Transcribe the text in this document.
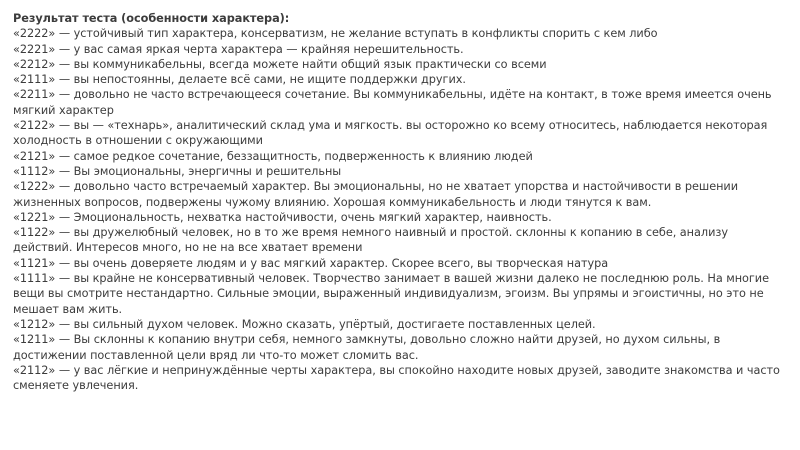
Результат теста (особенности характера):
«2222» — устойчивый тип характера, консерватизм, не желание вступать в конфликты спорить с кем либо
«2221» — у вас самая яркая черта характера — крайняя нерешительность.
«2212» — вы коммуникабельны, всегда можете найти общий язык практически со всеми
«2111» — вы непостоянны, делаете всё сами, не ищите поддержки других.
«2211» — довольно не часто встречающееся сочетание. Вы коммуникабельны, идёте на контакт, в тоже время имеется очень мягкий характер
«2122» — вы — «технарь», аналитический склад ума и мягкость. вы осторожно ко всему относитесь, наблюдается некоторая холодность в отношении с окружающими
«2121» — самое редкое сочетание, беззащитность, подверженность к влиянию людей
«1112» — Вы эмоциональны, энергичны и решительны
«1222» — довольно часто встречаемый характер. Вы эмоциональны, но не хватает упорства и настойчивости в решении жизненных вопросов, подвержены чужому влиянию. Хорошая коммуникабельность и люди тянутся к вам.
«1221» — Эмоциональность, нехватка настойчивости, очень мягкий характер, наивность.
«1122» — вы дружелюбный человек, но в то же время немного наивный и простой. склонны к копанию в себе, анализу действий. Интересов много, но не на все хватает времени
«1121» — вы очень доверяете людям и у вас мягкий характер. Скорее всего, вы творческая натура
«1111» — вы крайне не консервативный человек. Творчество занимает в вашей жизни далеко не последнюю роль. На многие вещи вы смотрите нестандартно. Сильные эмоции, выраженный индивидуализм, эгоизм. Вы упрямы и эгоистичны, но это не мешает вам жить.
«1212» — вы сильный духом человек. Можно сказать, упёртый, достигаете поставленных целей.
«1211» — Вы склонны к копанию внутри себя, немного замкнуты, довольно сложно найти друзей, но духом сильны, в достижении поставленной цели вряд ли что-то может сломить вас.
«2112» — у вас лёгкие и непринуждённые черты характера, вы спокойно находите новых друзей, заводите знакомства и часто сменяете увлечения.
